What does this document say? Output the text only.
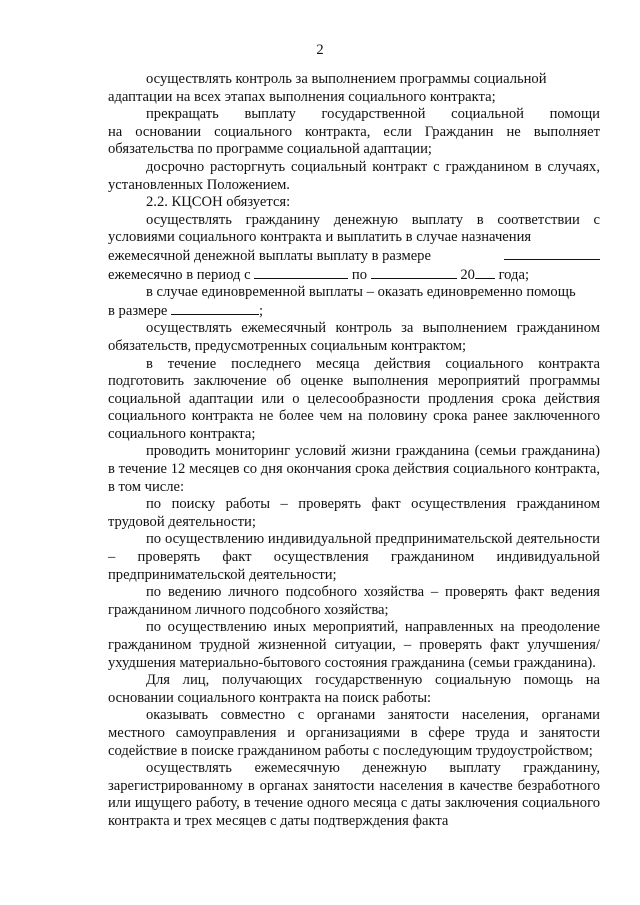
2
осуществлять контроль за выполнением программы социальной
адаптации на всех этапах выполнения социального контракта;
прекращать выплату государственной социальной помощи

на основании социального контракта, если Гражданин не выполняет обязательства по программе социальной адаптации;

досрочно расторгнуть социальный контракт с гражданином в случаях, установленных Положением.

2.2. КЦСОН обязуется:

осуществлять гражданину денежную выплату в соответствии с условиями социального контракта и выплатить в случае назначения

ежемесячной денежной выплаты выплату в размере
ежемесячно в период с	по	20 года;
в случае единовременной выплаты – оказать единовременно помощь
в размере	;

осуществлять ежемесячный контроль за выполнением гражданином обязательств, предусмотренных социальным контрактом;

в течение последнего месяца действия социального контракта подготовить заключение об оценке выполнения мероприятий программы социальной адаптации или о целесообразности продления срока действия социального контракта не более чем на половину срока ранее заключенного социального контракта;

проводить мониторинг условий жизни гражданина (семьи гражданина) в течение 12 месяцев со дня окончания срока действия социального контракта, в том числе:

по поиску работы – проверять факт осуществления гражданином трудовой деятельности;

по осуществлению индивидуальной предпринимательской деятельности – проверять факт осуществления гражданином индивидуальной предпринимательской деятельности;

по ведению личного подсобного хозяйства – проверять факт ведения гражданином личного подсобного хозяйства;

по осуществлению иных мероприятий, направленных на преодоление гражданином трудной жизненной ситуации, – проверять факт улучшения/ухудшения материально-бытового состояния гражданина (семьи гражданина).

Для лиц, получающих государственную социальную помощь на основании социального контракта на поиск работы:

оказывать совместно с органами занятости населения, органами местного самоуправления и организациями в сфере труда и занятости содействие в поиске гражданином работы с последующим трудоустройством;

осуществлять ежемесячную денежную выплату гражданину, зарегистрированному в органах занятости населения в качестве безработного или ищущего работу, в течение одного месяца с даты заключения социального контракта и трех месяцев с даты подтверждения факта
